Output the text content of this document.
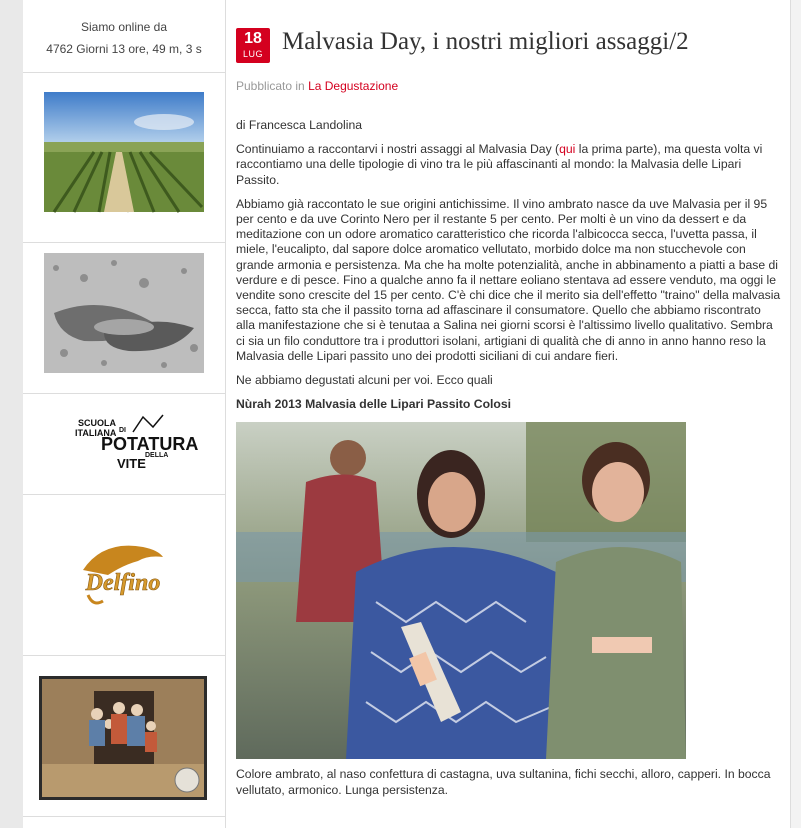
Siamo online da
4762 Giorni 13 ore, 49 m, 3 s
SCUOLA
ITALIANA DI
POTATURA
DELLA
VITE
Delfino
18
LUG Malvasia Day, i nostri migliori assaggi/2
Pubblicato in La Degustazione

di Francesca Landolina

Continuiamo a raccontarvi i nostri assaggi al Malvasia Day (qui la prima parte), ma questa volta vi raccontiamo una delle tipologie di vino tra le più affascinanti al mondo: la Malvasia delle Lipari Passito.

Abbiamo già raccontato le sue origini antichissime. Il vino ambrato nasce da uve Malvasia per il 95 per cento e da uve Corinto Nero per il restante 5 per cento. Per molti è un vino da dessert e da meditazione con un odore aromatico caratteristico che ricorda l'albicocca secca, l'uvetta passa, il miele, l'eucalipto, dal sapore dolce aromatico vellutato, morbido dolce ma non stucchevole con grande armonia e persistenza. Ma che ha molte potenzialità, anche in abbinamento a piatti a base di verdure e di pesce. Fino a qualche anno fa il nettare eoliano stentava ad essere venduto, ma oggi le vendite sono crescite del 15 per cento. C'è chi dice che il merito sia dell'effetto "traino" della malvasia secca, fatto sta che il passito torna ad affascinare il consumatore. Quello che abbiamo riscontrato alla manifestazione che si è tenutaa a Salina nei giorni scorsi è l'altissimo livello qualitativo. Sembra ci sia un filo conduttore tra i produttori isolani, artigiani di qualità che di anno in anno hanno reso la Malvasia delle Lipari passito uno dei prodotti siciliani di cui andare fieri.

Ne abbiamo degustati alcuni per voi. Ecco quali

Nùrah 2013 Malvasia delle Lipari Passito Colosi

Colore ambrato, al naso confettura di castagna, uva sultanina, fichi secchi, alloro, capperi. In bocca vellutato, armonico. Lunga persistenza.
